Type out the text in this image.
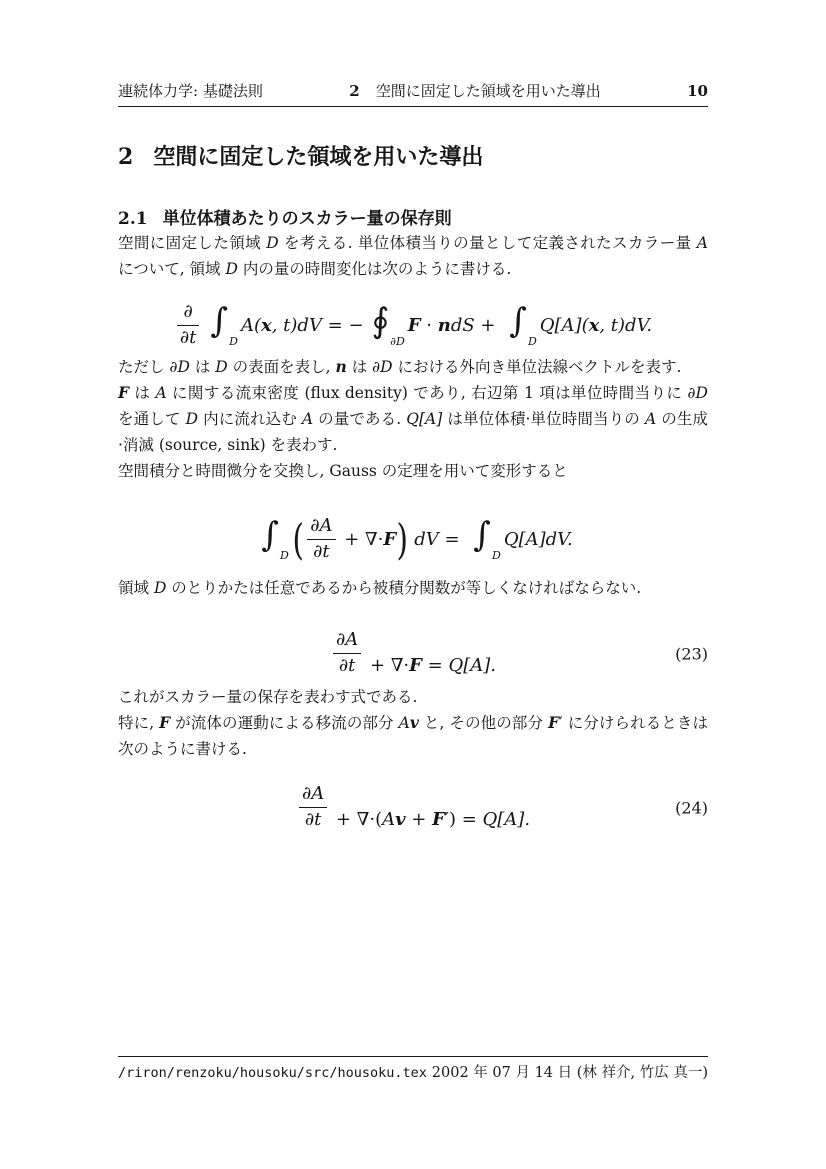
連続体力学: 基礎法則	2 空間に固定した領域を用いた導出	10
2 空間に固定した領域を用いた導出
2.1 単位体積あたりのスカラー量の保存則

空間に固定した領域 D を考える. 単位体積当りの量として定義されたスカラー量 A について, 領域 D 内の量の時間変化は次のように書ける.

$\frac{\partial}{\partial t} \int_D$
A( x , t)dV = − $∮_{\partial D}$
F · n dS + $\int_D$
Q[A]( x , t)dV.

ただし ∂D は D の表面を表し, n は ∂D における外向き単位法線ベクトルを表す.

F は A に関する流束密度 (flux density) であり, 右辺第 1 項は単位時間当りに ∂D を通して D 内に流れ込む A の量である. Q[A] は単位体積·単位時間当りの A の生成·消滅 (source, sink) を表わす.

空間積分と時間微分を交換し, Gauss の定理を用いて変形すると

$\int_D$ ( $\frac{\partial A}{\partial t}$ + ∇· F ) dV = $\int_D$
Q[A]dV.

領域 D のとりかたは任意であるから被積分関数が等しくなければならない.

$\frac{\partial A}{\partial t} + \nabla\cdot F = Q[A]$.
(23)

これがスカラー量の保存を表わす式である.

特に, F が流体の運動による移流の部分 Av と, その他の部分 F′ に分けられるときは次のように書ける.

$\frac{\partial A}{\partial t} + \nabla\cdot(Av + F') = Q[A]$.
(24)
/riron/renzoku/housoku/src/housoku.tex 2002 年 07 月 14 日 (林 祥介, 竹広 真一)
